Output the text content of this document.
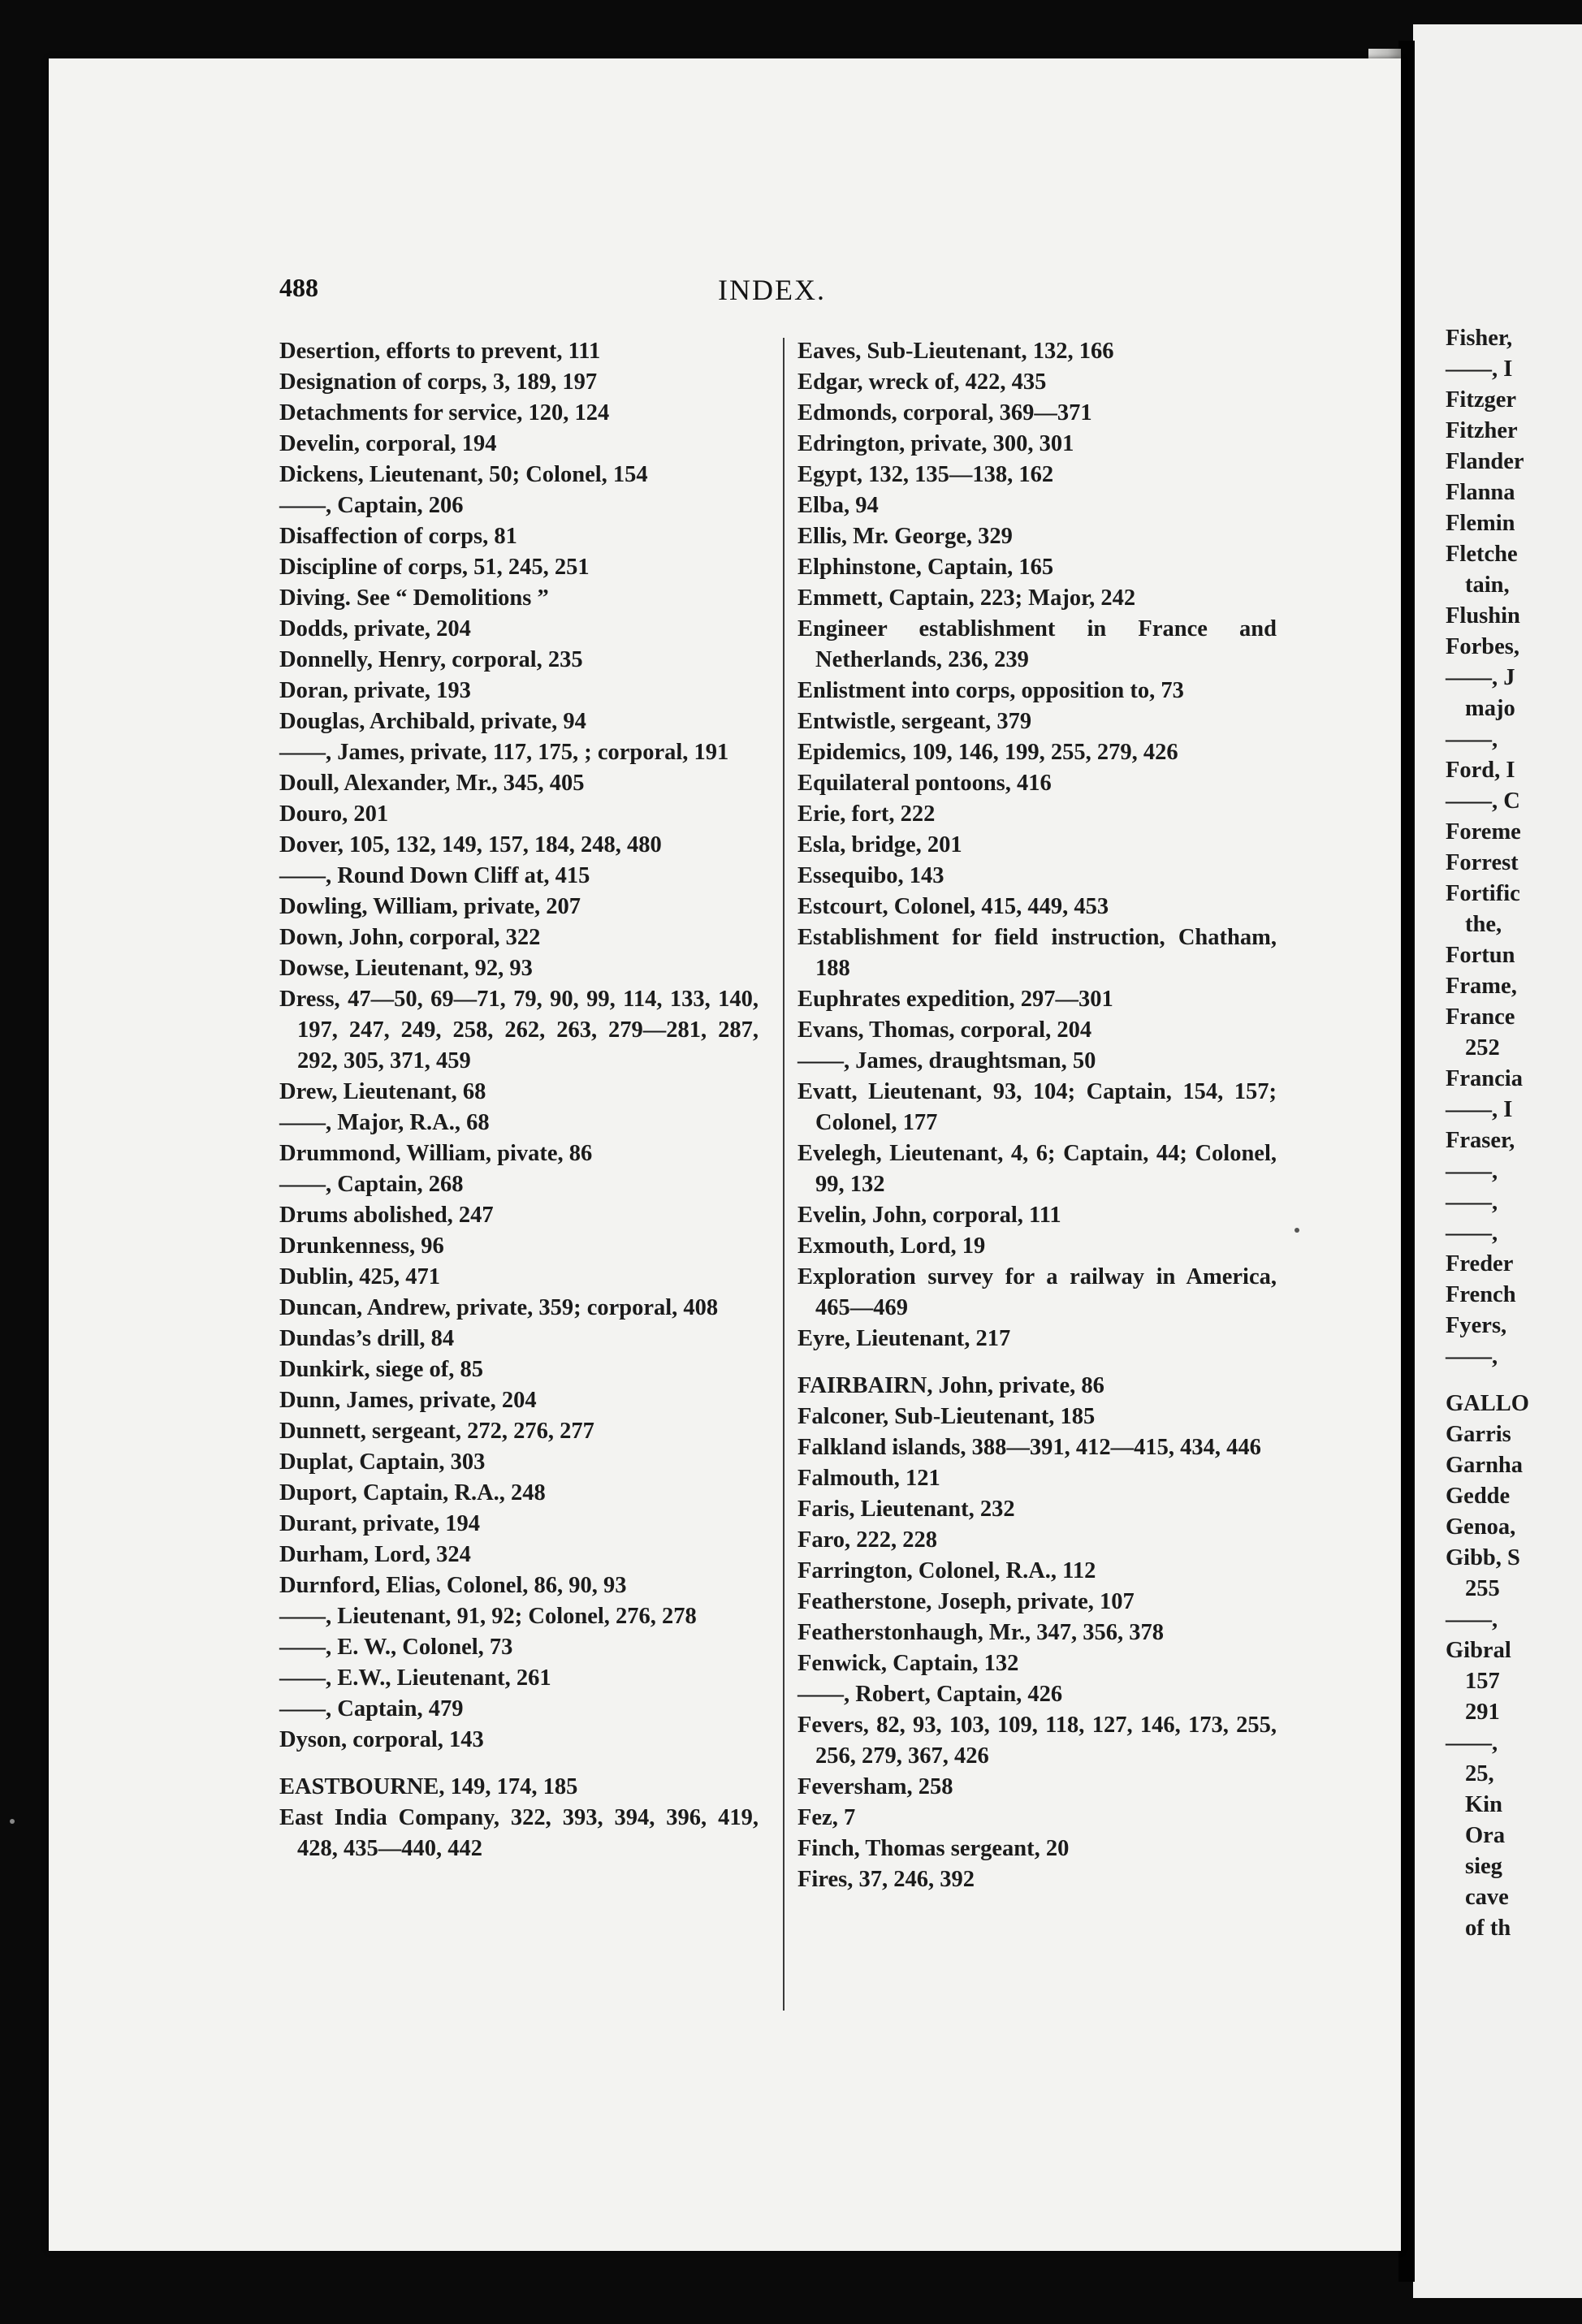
Fisher,
——, I
Fitzger
Fitzher
Flander
Flanna
Flemin
Fletche
tain,
Flushin
Forbes,
——, J
majo
——,
Ford, I
——, C
Foreme
Forrest
Fortific
the,
Fortun
Frame,
France
252
Francia
——, I
Fraser,
——,
——,
——,
Freder
French
Fyers,
——,
GALLO
Garris
Garnha
Gedde
Genoa,
Gibb, S
255
——,
Gibral
157
291
——,
25,
Kin
Ora
sieg
cave
of th
488	INDEX.
Desertion, efforts to prevent, 111
Designation of corps, 3, 189, 197
Detachments for service, 120, 124
Develin, corporal, 194
Dickens, Lieutenant, 50; Colonel, 154
——, Captain, 206
Disaffection of corps, 81
Discipline of corps, 51, 245, 251
Diving. See “ Demolitions ”
Dodds, private, 204
Donnelly, Henry, corporal, 235
Doran, private, 193
Douglas, Archibald, private, 94
——, James, private, 117, 175, ; corporal, 191
Doull, Alexander, Mr., 345, 405
Douro, 201
Dover, 105, 132, 149, 157, 184, 248, 480
——, Round Down Cliff at, 415
Dowling, William, private, 207
Down, John, corporal, 322
Dowse, Lieutenant, 92, 93
Dress, 47—50, 69—71, 79, 90, 99, 114, 133, 140, 197, 247, 249, 258, 262, 263, 279—281, 287, 292, 305, 371, 459
Drew, Lieutenant, 68
——, Major, R.A., 68
Drummond, William, pivate, 86
——, Captain, 268
Drums abolished, 247
Drunkenness, 96
Dublin, 425, 471
Duncan, Andrew, private, 359; corporal, 408
Dundas’s drill, 84
Dunkirk, siege of, 85
Dunn, James, private, 204
Dunnett, sergeant, 272, 276, 277
Duplat, Captain, 303
Duport, Captain, R.A., 248
Durant, private, 194
Durham, Lord, 324
Durnford, Elias, Colonel, 86, 90, 93
——, Lieutenant, 91, 92; Colonel, 276, 278
——, E. W., Colonel, 73
——, E.W., Lieutenant, 261
——, Captain, 479
Dyson, corporal, 143
EASTBOURNE, 149, 174, 185
East India Company, 322, 393, 394, 396, 419, 428, 435—440, 442
Eaves, Sub-Lieutenant, 132, 166
Edgar, wreck of, 422, 435
Edmonds, corporal, 369—371
Edrington, private, 300, 301
Egypt, 132, 135—138, 162
Elba, 94
Ellis, Mr. George, 329
Elphinstone, Captain, 165
Emmett, Captain, 223; Major, 242
Engineer establishment in France and Netherlands, 236, 239
Enlistment into corps, opposition to, 73
Entwistle, sergeant, 379
Epidemics, 109, 146, 199, 255, 279, 426
Equilateral pontoons, 416
Erie, fort, 222
Esla, bridge, 201
Essequibo, 143
Estcourt, Colonel, 415, 449, 453
Establishment for field instruction, Chatham, 188
Euphrates expedition, 297—301
Evans, Thomas, corporal, 204
——, James, draughtsman, 50
Evatt, Lieutenant, 93, 104; Captain, 154, 157; Colonel, 177
Evelegh, Lieutenant, 4, 6; Captain, 44; Colonel, 99, 132
Evelin, John, corporal, 111
Exmouth, Lord, 19
Exploration survey for a railway in America, 465—469
Eyre, Lieutenant, 217
FAIRBAIRN, John, private, 86
Falconer, Sub-Lieutenant, 185
Falkland islands, 388—391, 412—415, 434, 446
Falmouth, 121
Faris, Lieutenant, 232
Faro, 222, 228
Farrington, Colonel, R.A., 112
Featherstone, Joseph, private, 107
Featherstonhaugh, Mr., 347, 356, 378
Fenwick, Captain, 132
——, Robert, Captain, 426
Fevers, 82, 93, 103, 109, 118, 127, 146, 173, 255, 256, 279, 367, 426
Feversham, 258
Fez, 7
Finch, Thomas sergeant, 20
Fires, 37, 246, 392
